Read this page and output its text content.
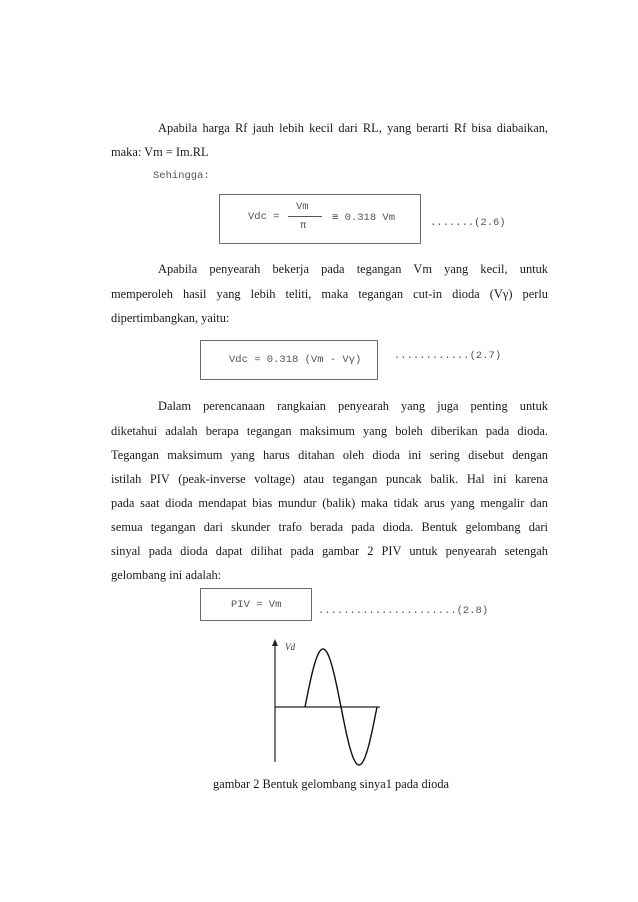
Apabila harga Rf jauh lebih kecil dari RL, yang berarti Rf bisa diabaikan,
maka: Vm = Im.RL
Sehingga:
Vdc =
Vm
π
≅ 0.318 Vm	.......(2.6)
Apabila penyearah bekerja pada tegangan Vm yang kecil, untuk
memperoleh hasil yang lebih teliti, maka tegangan cut-in dioda (Vγ) perlu
dipertimbangkan, yaitu:
Vdc = 0.318 (Vm - Vγ)	............(2.7)
Dalam perencanaan rangkaian penyearah yang juga penting untuk
diketahui adalah berapa tegangan maksimum yang boleh diberikan pada dioda.
Tegangan maksimum yang harus ditahan oleh dioda ini sering disebut dengan
istilah PIV (peak-inverse voltage) atau tegangan puncak balik. Hal ini karena
pada saat dioda mendapat bias mundur (balik) maka tidak arus yang mengalir dan
semua tegangan dari skunder trafo berada pada dioda. Bentuk gelombang dari
sinyal pada dioda dapat dilihat pada gambar 2 PIV untuk penyearah setengah
gelombang ini adalah:
PIV = Vm	......................(2.8)
Vd
gambar 2 Bentuk gelombang sinya1 pada dioda
